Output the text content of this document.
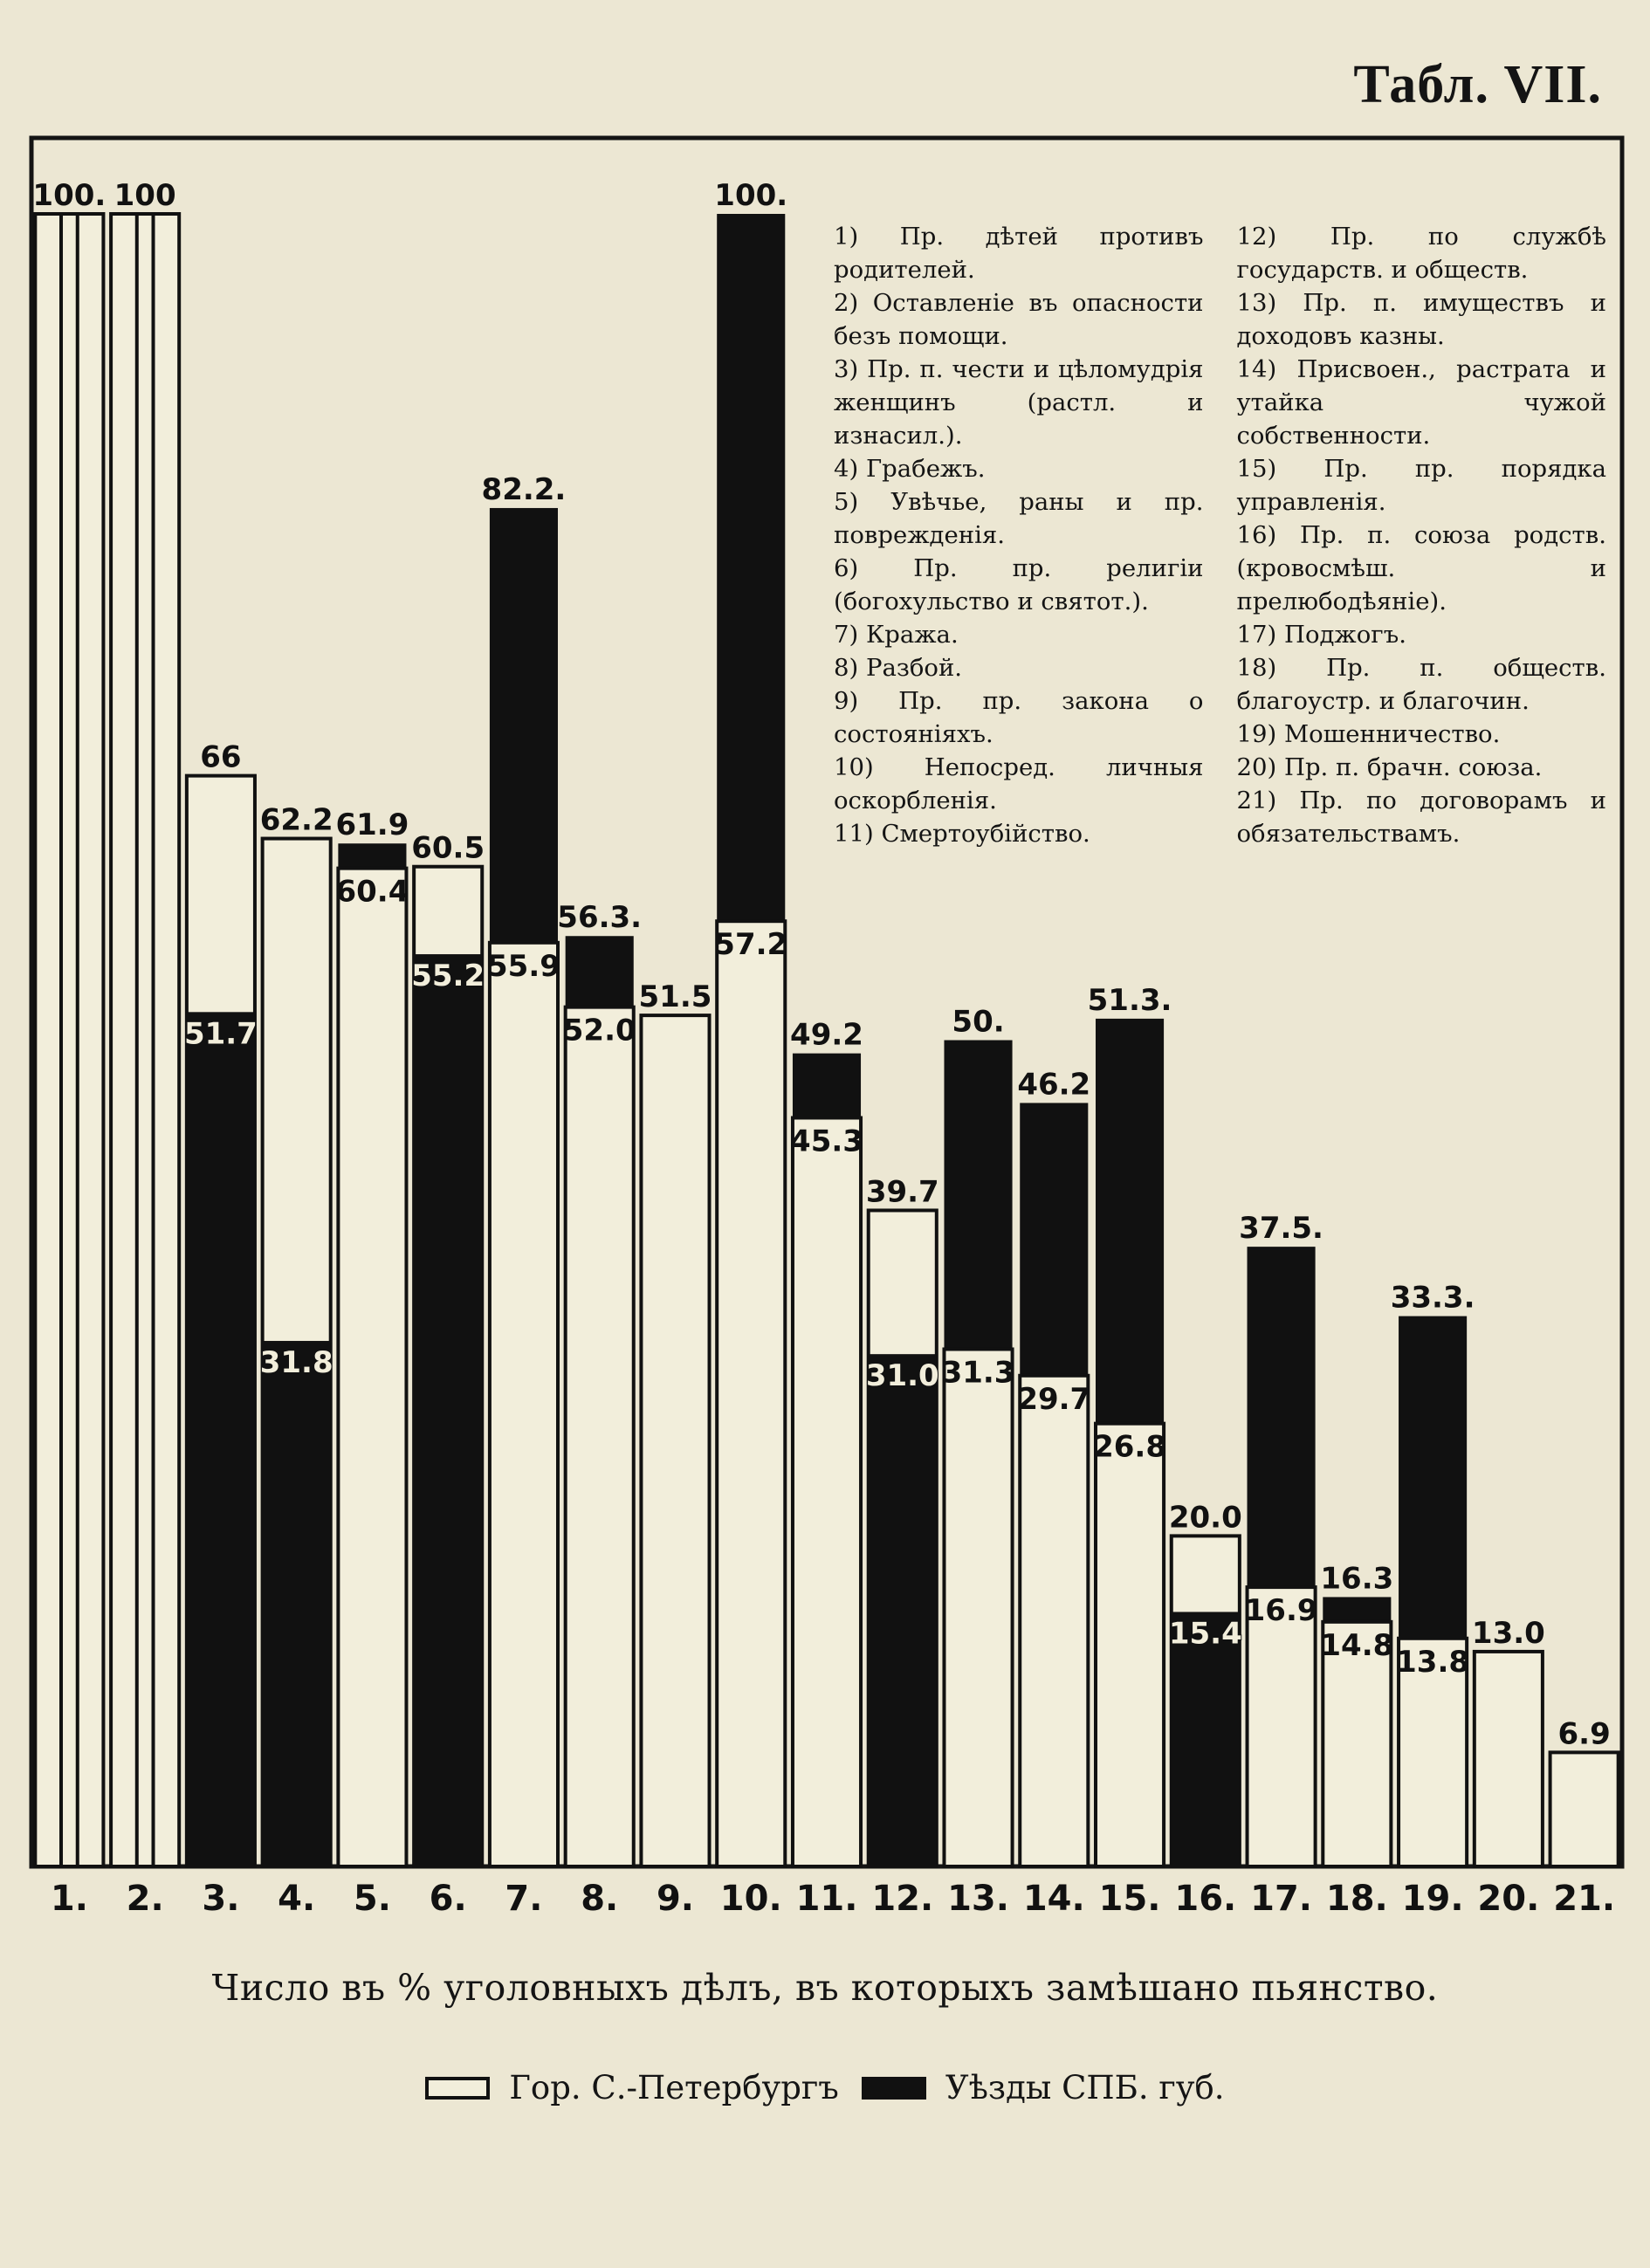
Табл. VII.
100. 100
51.7
66
31.8
62.2 61.9
60.4
55.2
60.5
82.2.
55.9
56.3.
52.0
51.5
100.
57.2
49.2
45.3
31.0
39.7
50.
31.3
46.2
29.7
51.3.
26.8
15.4
20.0
37.5.
16.9
16.3
14.8
33.3.
13.8
13.0
6.9
1. 2. 3. 4. 5. 6. 7. 8. 9. 10. 11. 12. 13. 14. 15. 16. 17. 18. 19. 20. 21.
1) Пр. дѣтей противъ родителей.
2) Оставленіе въ опасности безъ помощи.
3) Пр. п. чести и цѣломудрія женщинъ (растл. и изнасил.).
4) Грабежъ.
5) Увѣчье, раны и пр. поврежденія.
6) Пр. пр. религіи (богохульство и святот.).
7) Кража.
8) Разбой.
9) Пр. пр. закона о состояніяхъ.
10) Непосред. личныя оскорбленія.
11) Смертоубійство.
12) Пр. по службѣ государств. и обществ.
13) Пр. п. имуществъ и доходовъ казны.
14) Присвоен., растрата и утайка чужой собственности.
15) Пр. пр. порядка управленія.
16) Пр. п. союза родств. (кровосмѣш. и прелюбодѣяніе).
17) Поджогъ.
18) Пр. п. обществ. благоустр. и благочин.
19) Мошенничество.
20) Пр. п. брачн. союза.
21) Пр. по договорамъ и обязательствамъ.
Число въ % уголовныхъ дѣлъ, въ которыхъ замѣшано пьянство.
Гор. С.-Петербургъ	Уѣзды СПБ. губ.
